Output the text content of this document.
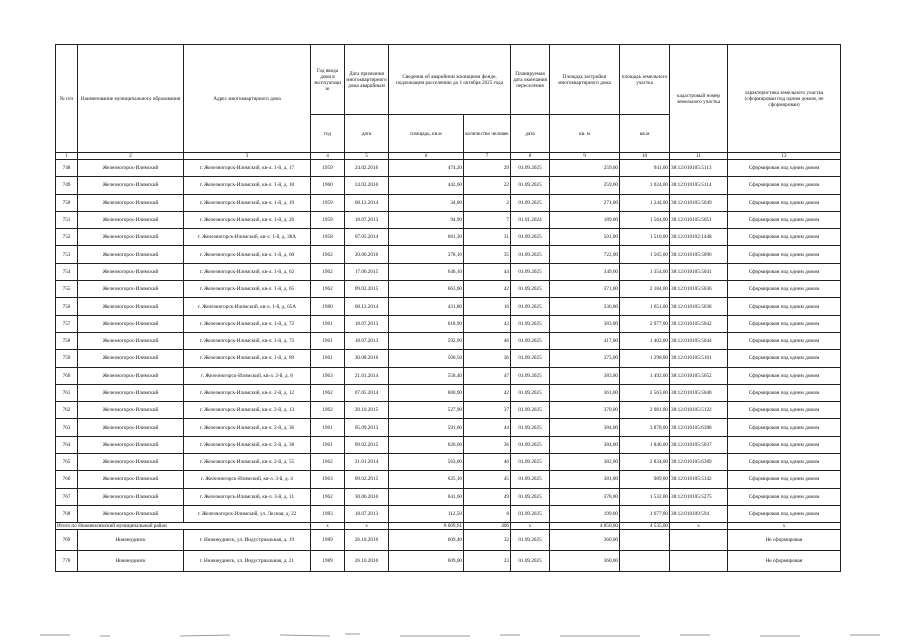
№ п/п	Наименование муниципального образования	Адрес многоквартирного дома	Год ввода дома в эксплуатацию	Дата признания многоквартирного дома аварийным	Сведения об аварийном жилищном фонде, подлежащем расселению до 1 октября 2025 года		Планируемая дата окончания переселения	Площадь застройки многоквартирного дома	площадь земельного участка	кадастровый номер земельного участка	характеристика земельного участка (сформирован под одним домом, не сформирован)
			год	дата	площадь, кв.м	количество человек	дата	кв. м	кв.м		
1	2	3	4	5	6	7	8	9	10	11	12
748	Железногорск-Илимский	г. Железногорск-Илимский, кв-л. 1-й, д. 17	1959	24.02.2016	474,20	29	01.09.2025	259,00	941,00	38:12:010105:5113	Сформирован под одним домом
749	Железногорск-Илимский	г. Железногорск-Илимский, кв-л. 1-й, д. 18	1960	24.02.2016	442,60	22	01.09.2025	259,00	1 024,00	38:12:010105:5114	Сформирован под одним домом
750	Железногорск-Илимский	г. Железногорск-Илимский, кв-л. 1-й, д. 19	1959	08.12.2014	34,00	2	01.09.2025	271,00	1 244,00	38:12:010105:5049	Сформирован под одним домом
751	Железногорск-Илимский	г. Железногорск-Илимский, кв-л. 1-й, д. 26	1959	18.07.2013	94,90	7	01.01.2024	189,00	1 564,00	38:12:010105:5051	Сформирован под одним домом
752	Железногорск-Илимский	г. Железногорск-Илимский, кв-л. 1-й, д. 38А	1958	07.05.2014	681,30	31	01.09.2025	501,00	1 510,00	38:12:010102:1448	Сформирован под одним домом
753	Железногорск-Илимский	г. Железногорск-Илимский, кв-л. 1-й, д. 60	1962	20.06.2016	378,10	35	01.09.2025	722,00	1 565,00	38:12:010105:5096	Сформирован под одним домом
754	Железногорск-Илимский	г. Железногорск-Илимский, кв-л. 1-й, д. 62	1962	17.06.2015	646,10	44	01.09.2025	349,00	1 354,00	38:12:010105:5041	Сформирован под одним домом
755	Железногорск-Илимский	г. Железногорск-Илимский, кв-л. 1-й, д. 65	1962	09.02.2015	663,00	42	01.09.2025	371,00	2 184,00	38:12:010105:5036	Сформирован под одним домом
756	Железногорск-Илимский	г. Железногорск-Илимский, кв-л. 1-й, д. 65А	1980	08.12.2014	431,80	16	01.09.2025	336,00	1 651,00	38:12:010105:5038	Сформирован под одним домом
757	Железногорск-Илимский	г. Железногорск-Илимский, кв-л. 1-й, д. 72	1961	18.07.2013	618,90	43	01.09.2025	383,00	2 977,00	38:12:010105:5042	Сформирован под одним домом
758	Железногорск-Илимский	г. Железногорск-Илимский, кв-л. 1-й, д. 73	1961	18.07.2013	592,90	46	01.09.2025	417,00	1 402,00	38:12:010105:5044	Сформирован под одним домом
759	Железногорск-Илимский	г. Железногорск-Илимский, кв-л. 1-й, д. 89	1961	30.08.2016	500,50	36	01.09.2025	375,00	1 298,00	38:12:010105:5101	Сформирован под одним домом
760	Железногорск-Илимский	г. Железногорск-Илимский, кв-л. 2-й, д. 8	1963	21.01.2014	558,40	47	01.09.2025	383,00	1 492,00	38:12:010105:5052	Сформирован под одним домом
761	Железногорск-Илимский	г. Железногорск-Илимский, кв-л. 2-й, д. 12	1962	07.05.2014	660,90	42	01.09.2025	361,00	2 563,00	38:12:010105:5040	Сформирован под одним домом
762	Железногорск-Илимский	г. Железногорск-Илимский, кв-л. 2-й, д. 13	1962	20.10.2015	527,90	37	01.09.2025	370,00	2 081,00	38:12:010105:5122	Сформирован под одним домом
763	Железногорск-Илимский	г. Железногорск-Илимский, кв-л. 2-й, д. 36	1961	05.09.2013	591,60	44	01.09.2025	384,00	3 878,00	38:12:010105:6388	Сформирован под одним домом
764	Железногорск-Илимский	г. Железногорск-Илимский, кв-л. 2-й, д. 38	1961	09.02.2015	626,60	36	01.09.2025	384,00	1 846,00	38:12:010105:5037	Сформирован под одним домом
765	Железногорск-Илимский	г. Железногорск-Илимский, кв-л. 2-й, д. 55	1962	21.01.2014	563,00	46	01.09.2025	382,00	2 834,00	38:12:010105:6389	Сформирован под одним домом
766	Железногорск-Илимский	г. Железногорск-Илимский, кв-л. 3-й, д. 4	1963	09.02.2015	625,10	45	01.09.2025	381,00	989,00	38:12:010105:5142	Сформирован под одним домом
767	Железногорск-Илимский	г. Железногорск-Илимский, кв-л. 3-й, д. 11	1962	30.06.2016	641,60	49	01.09.2025	378,00	1 532,00	38:12:010105:5275	Сформирован под одним домом
768	Железногорск-Илимский	г. Железногорск-Илимский, ул. Лесная, д. 22	1983	18.07.2013	112,50	8	01.09.2025	199,00	1 677,00	38:12:010109:594	Сформирован под одним домом
Итого по Нижнеилимский муниципальный район			x	x	8 009,61	406	x	4 850,00	4 535,00	x	x
769	Нижнеудинск	г. Нижнеудинск, ул. Индустриальная, д. 19	1989	26.10.2016	609,40	32	01.09.2025	360,00			Не сформирован
770	Нижнеудинск	г. Нижнеудинск, ул. Индустриальная, д. 21	1989	26.10.2016	609,00	23	01.09.2025	360,00			Не сформирован
